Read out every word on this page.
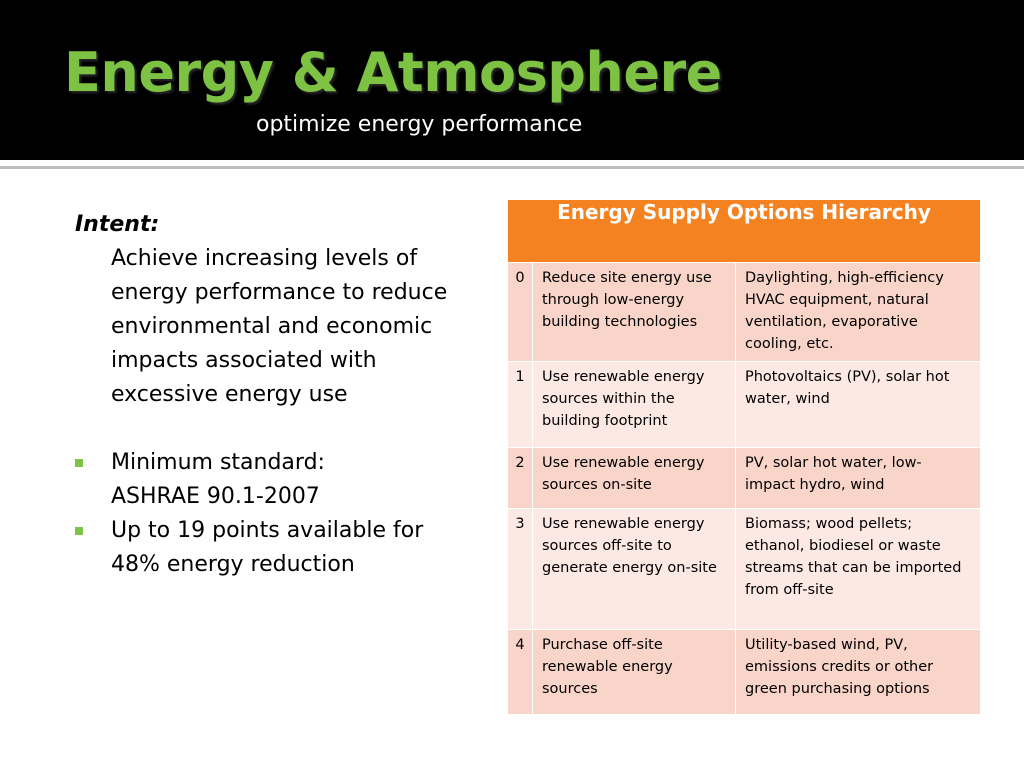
Energy & Atmosphere
optimize energy performance
Intent:
Achieve increasing levels of energy performance to reduce environmental and economic impacts associated with excessive energy use
Minimum standard:
ASHRAE 90.1-2007
Up to 19 points available for
48% energy reduction
Energy Supply Options Hierarchy		
0	Reduce site energy use through low-energy building technologies	Daylighting, high-efficiency HVAC equipment, natural ventilation, evaporative cooling, etc.
1	Use renewable energy sources within the building footprint	Photovoltaics (PV), solar hot water, wind
2	Use renewable energy sources on-site	PV, solar hot water, low-impact hydro, wind
3	Use renewable energy sources off-site to generate energy on-site	Biomass; wood pellets; ethanol, biodiesel or waste streams that can be imported from off-site
4	Purchase off-site renewable energy sources	Utility-based wind, PV, emissions credits or other green purchasing options
